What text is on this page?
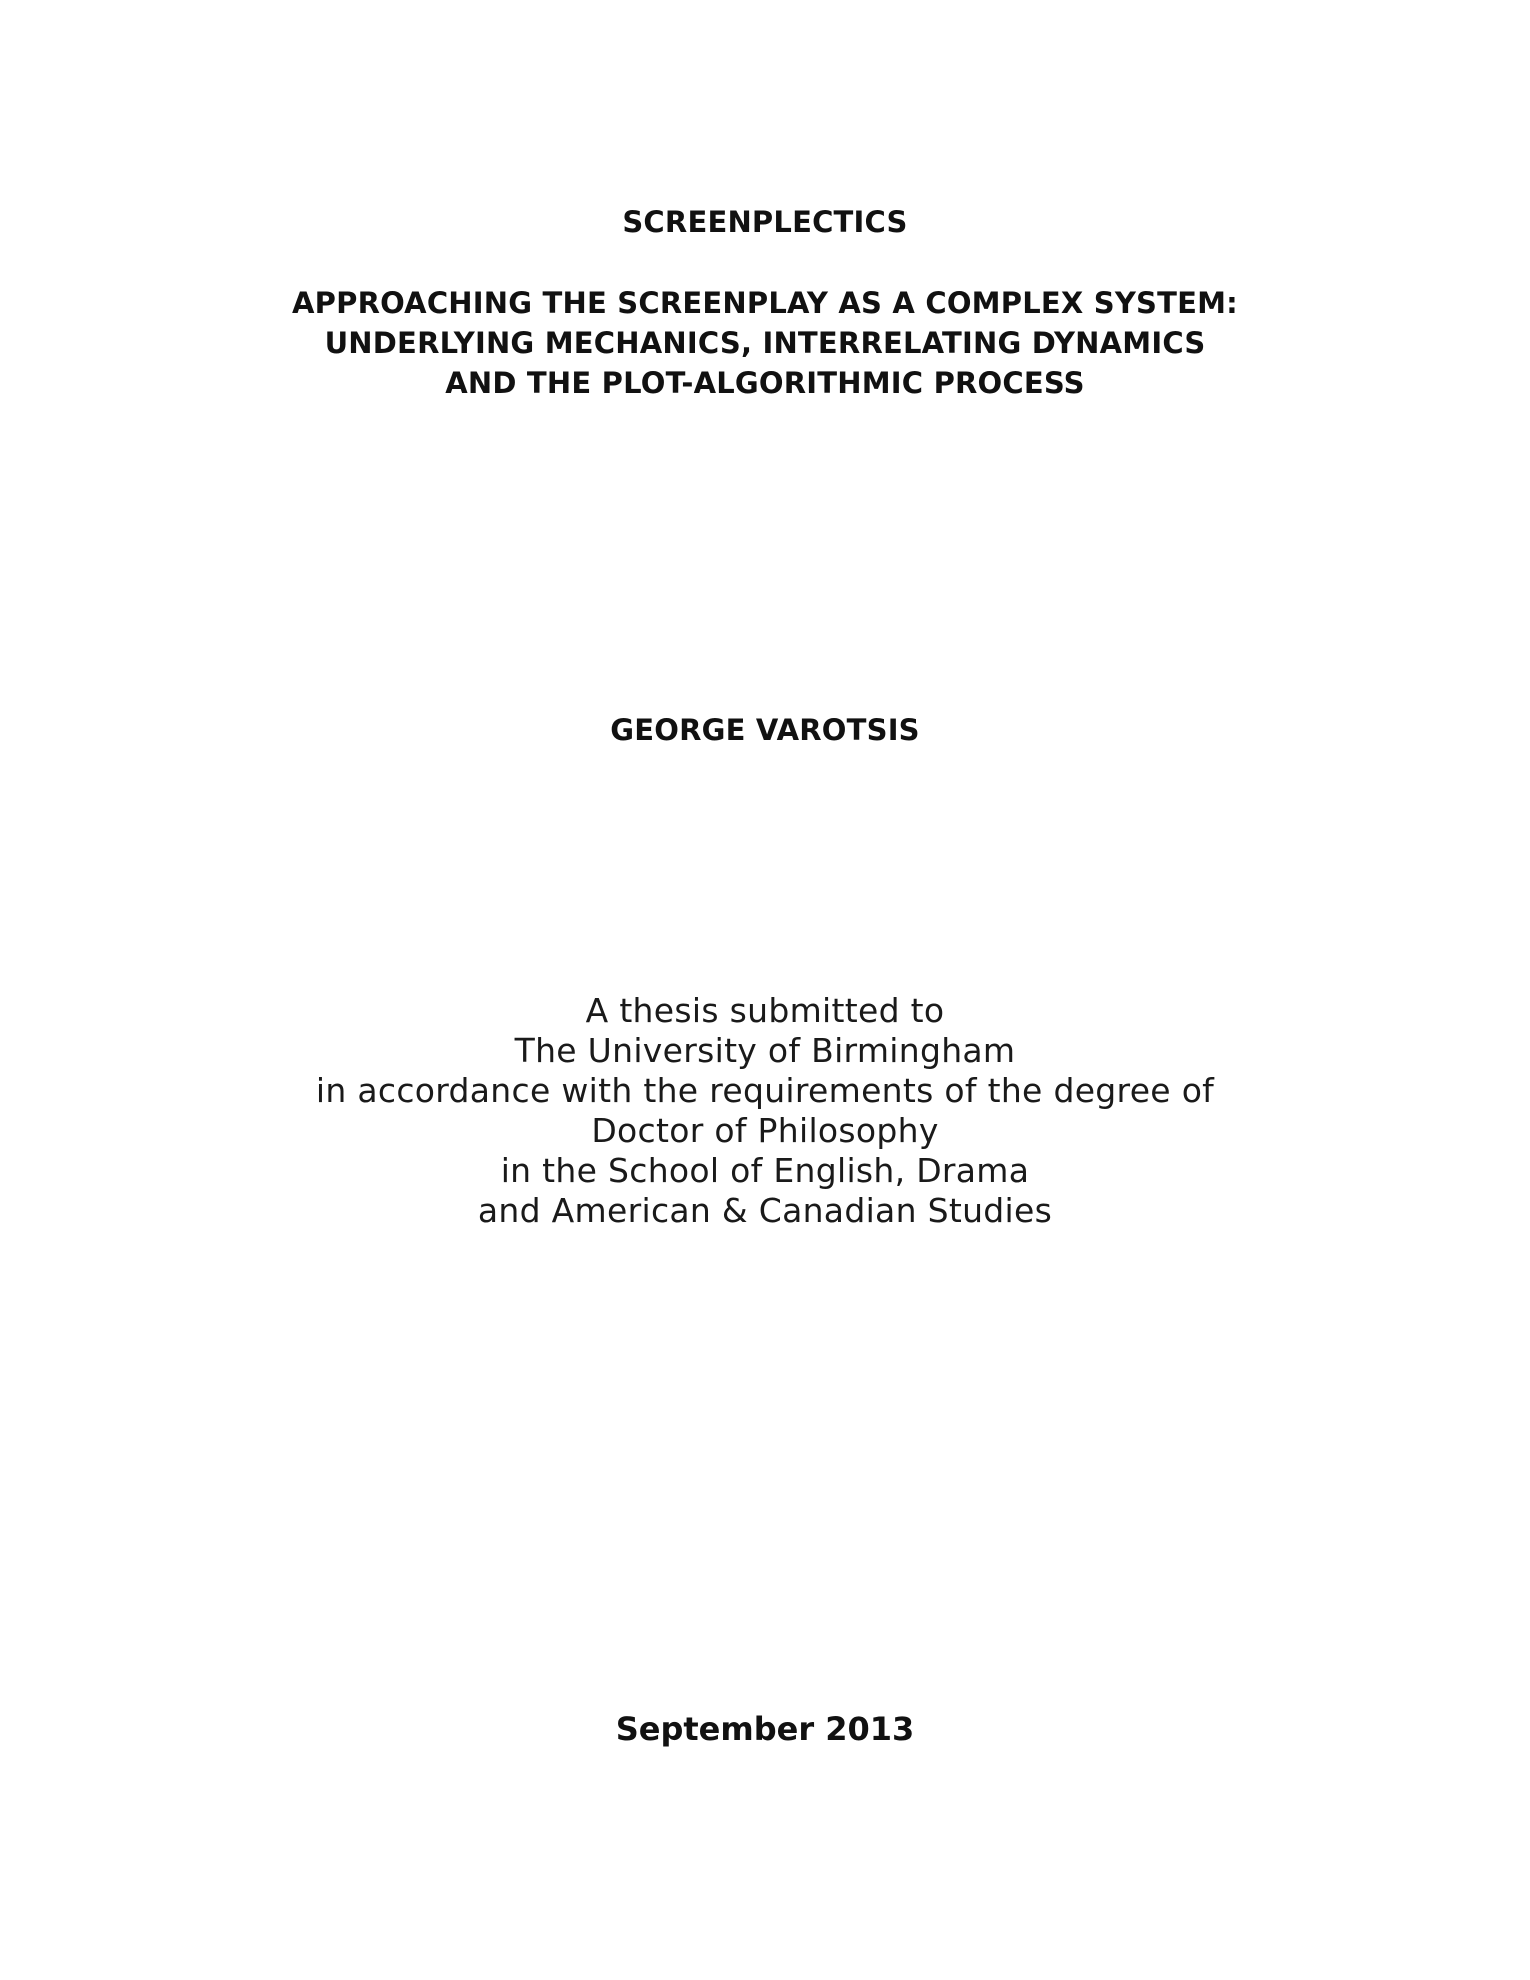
SCREENPLECTICS
APPROACHING THE SCREENPLAY AS A COMPLEX SYSTEM:
UNDERLYING MECHANICS, INTERRELATING DYNAMICS
AND THE PLOT-ALGORITHMIC PROCESS
GEORGE VAROTSIS
A thesis submitted to
The University of Birmingham
in accordance with the requirements of the degree of
Doctor of Philosophy
in the School of English, Drama
and American & Canadian Studies
September 2013
